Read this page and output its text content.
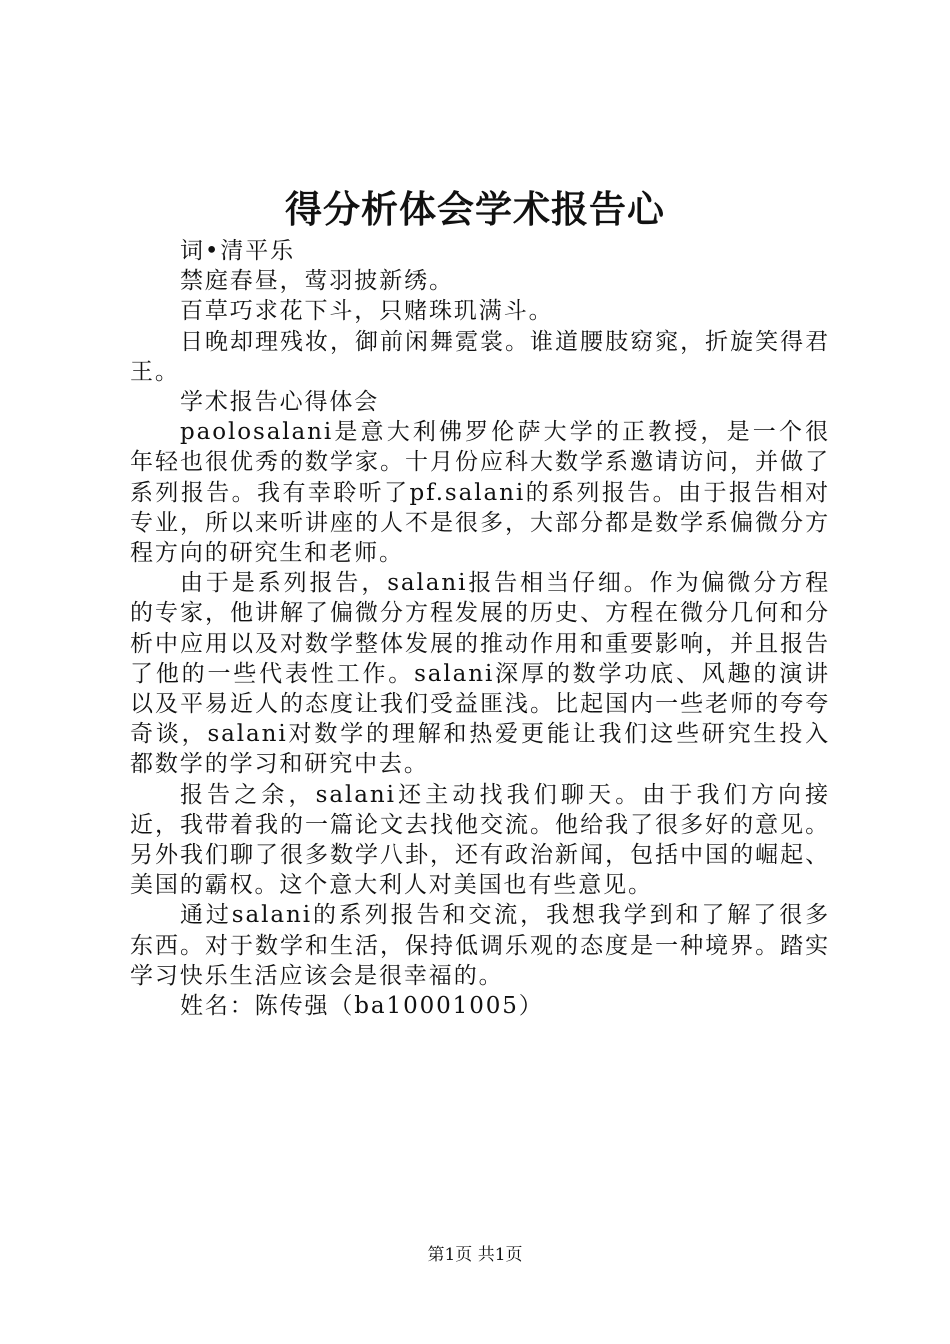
得分析体会学术报告心

词•清平乐

禁庭春昼，莺羽披新绣。

百草巧求花下斗，只赌珠玑满斗。

日晚却理残妆，御前闲舞霓裳。谁道腰肢窈窕，折旋笑得君王。

学术报告心得体会

paolosalani是意大利佛罗伦萨大学的正教授，是一个很年轻也很优秀的数学家。十月份应科大数学系邀请访问，并做了系列报告。我有幸聆听了pf.salani的系列报告。由于报告相对专业，所以来听讲座的人不是很多，大部分都是数学系偏微分方程方向的研究生和老师。

由于是系列报告，salani报告相当仔细。作为偏微分方程的专家，他讲解了偏微分方程发展的历史、方程在微分几何和分析中应用以及对数学整体发展的推动作用和重要影响，并且报告了他的一些代表性工作。salani深厚的数学功底、风趣的演讲以及平易近人的态度让我们受益匪浅。比起国内一些老师的夸夸奇谈，salani对数学的理解和热爱更能让我们这些研究生投入都数学的学习和研究中去。

报告之余，salani还主动找我们聊天。由于我们方向接近，我带着我的一篇论文去找他交流。他给我了很多好的意见。另外我们聊了很多数学八卦，还有政治新闻，包括中国的崛起、美国的霸权。这个意大利人对美国也有些意见。

通过salani的系列报告和交流，我想我学到和了解了很多东西。对于数学和生活，保持低调乐观的态度是一种境界。踏实学习快乐生活应该会是很幸福的。

姓名：陈传强（ba10001005）

第1页 共1页
